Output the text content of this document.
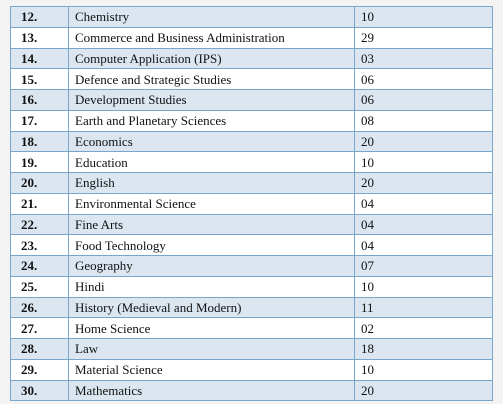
12.	Chemistry	10
13.	Commerce and Business Administration	29
14.	Computer Application (IPS)	03
15.	Defence and Strategic Studies	06
16.	Development Studies	06
17.	Earth and Planetary Sciences	08
18.	Economics	20
19.	Education	10
20.	English	20
21.	Environmental Science	04
22.	Fine Arts	04
23.	Food Technology	04
24.	Geography	07
25.	Hindi	10
26.	History (Medieval and Modern)	11
27.	Home Science	02
28.	Law	18
29.	Material Science	10
30.	Mathematics	20
